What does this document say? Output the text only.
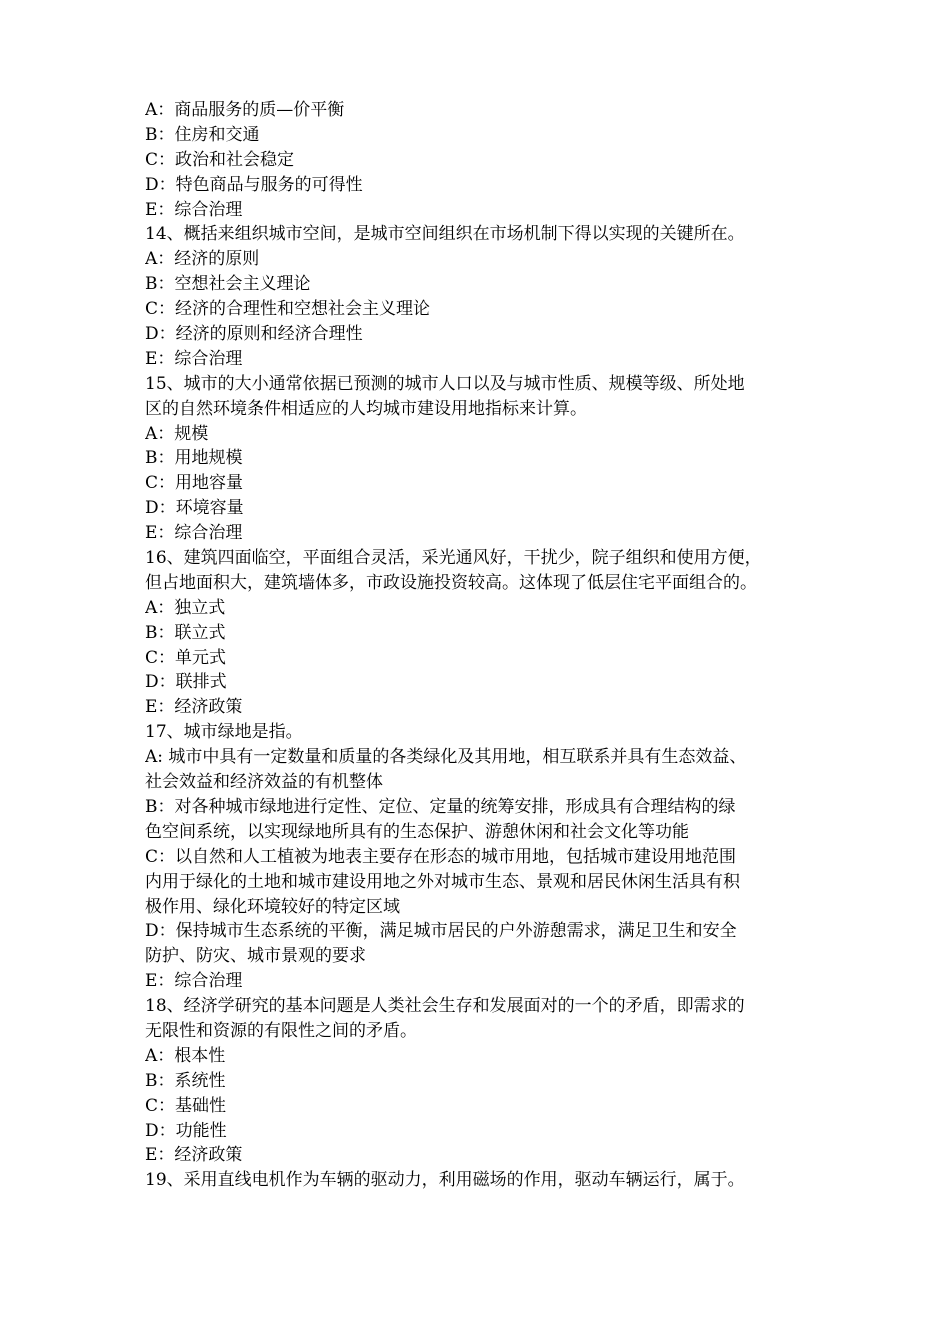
A：商品服务的质—价平衡
B：住房和交通
C：政治和社会稳定
D：特色商品与服务的可得性
E：综合治理
14、概括来组织城市空间，是城市空间组织在市场机制下得以实现的关键所在。
A：经济的原则
B：空想社会主义理论
C：经济的合理性和空想社会主义理论
D：经济的原则和经济合理性
E：综合治理
15、城市的大小通常依据已预测的城市人口以及与城市性质、规模等级、所处地
区的自然环境条件相适应的人均城市建设用地指标来计算。
A：规模
B：用地规模
C：用地容量
D：环境容量
E：综合治理
16、建筑四面临空，平面组合灵活，采光通风好，干扰少，院子组织和使用方便，
但占地面积大，建筑墙体多，市政设施投资较高。这体现了低层住宅平面组合的。
A：独立式
B：联立式
C：单元式
D：联排式
E：经济政策
17、城市绿地是指。
A: 城市中具有一定数量和质量的各类绿化及其用地，相互联系并具有生态效益、
社会效益和经济效益的有机整体
B：对各种城市绿地进行定性、定位、定量的统筹安排，形成具有合理结构的绿
色空间系统，以实现绿地所具有的生态保护、游憩休闲和社会文化等功能
C：以自然和人工植被为地表主要存在形态的城市用地，包括城市建设用地范围
内用于绿化的土地和城市建设用地之外对城市生态、景观和居民休闲生活具有积
极作用、绿化环境较好的特定区域
D：保持城市生态系统的平衡，满足城市居民的户外游憩需求，满足卫生和安全
防护、防灾、城市景观的要求
E：综合治理
18、经济学研究的基本问题是人类社会生存和发展面对的一个的矛盾，即需求的
无限性和资源的有限性之间的矛盾。
A：根本性
B：系统性
C：基础性
D：功能性
E：经济政策
19、采用直线电机作为车辆的驱动力，利用磁场的作用，驱动车辆运行，属于。
